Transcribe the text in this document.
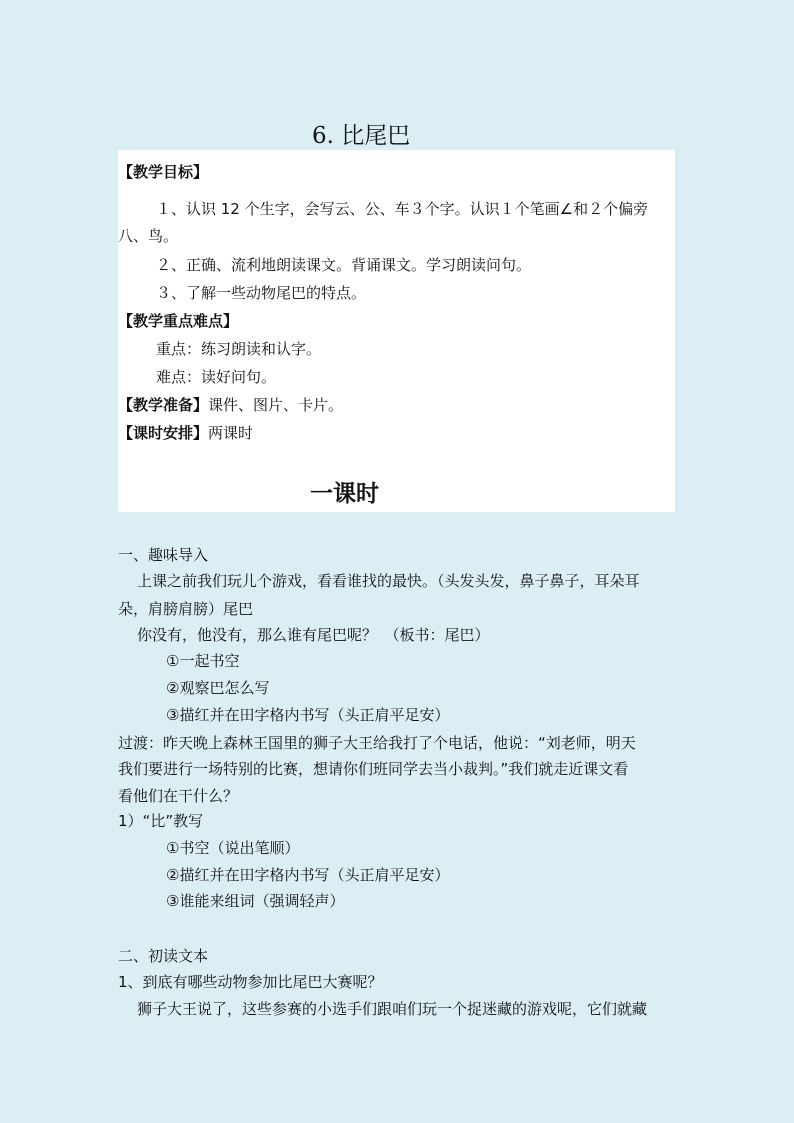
6. 比尾巴
【教学目标】
１、认识 12 个生字，会写云、公、车３个字。认识１个笔画∠和２个偏旁
八、鸟。
２、正确、流利地朗读课文。背诵课文。学习朗读问句。
３、了解一些动物尾巴的特点。
【教学重点难点】
重点：练习朗读和认字。
难点：读好问句。
【教学准备】课件、图片、卡片。
【课时安排】两课时
一课时
一、趣味导入
上课之前我们玩儿个游戏，看看谁找的最快。（头发头发，鼻子鼻子，耳朵耳
朵，肩膀肩膀）尾巴
你没有，他没有，那么谁有尾巴呢？　（板书：尾巴）
①一起书空
②观察巴怎么写
③描红并在田字格内书写（头正肩平足安）
过渡：昨天晚上森林王国里的狮子大王给我打了个电话，他说：“刘老师，明天
我们要进行一场特别的比赛，想请你们班同学去当小裁判。”我们就走近课文看
看他们在干什么？
1）“比”教写
①书空（说出笔顺）
②描红并在田字格内书写（头正肩平足安）
③谁能来组词（强调轻声）
二、初读文本
1、到底有哪些动物参加比尾巴大赛呢？
狮子大王说了，这些参赛的小选手们跟咱们玩一个捉迷藏的游戏呢，它们就藏
